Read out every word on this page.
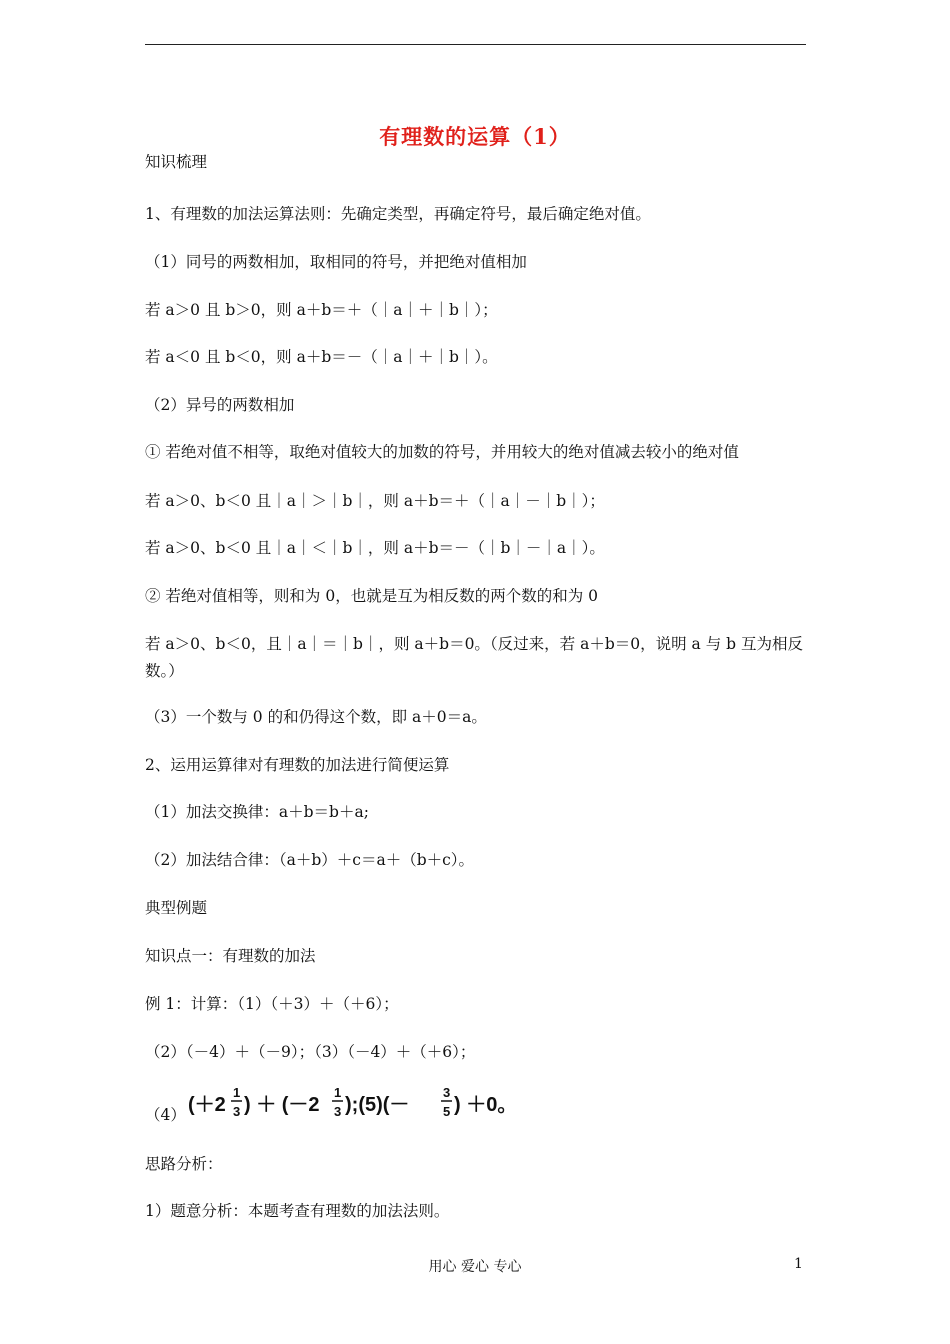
有理数的运算（1）
知识梳理
1、有理数的加法运算法则：先确定类型，再确定符号，最后确定绝对值。
（1）同号的两数相加，取相同的符号，并把绝对值相加
若 a＞0 且 b＞0，则 a＋b＝＋（｜a｜＋｜b｜）；
若 a＜0 且 b＜0，则 a＋b＝－（｜a｜＋｜b｜）。
（2）异号的两数相加
① 若绝对值不相等，取绝对值较大的加数的符号，并用较大的绝对值减去较小的绝对值
若 a＞0、b＜0 且｜a｜＞｜b｜，则 a＋b＝＋（｜a｜－｜b｜）；
若 a＞0、b＜0 且｜a｜＜｜b｜，则 a＋b＝－（｜b｜－｜a｜）。
② 若绝对值相等，则和为 0，也就是互为相反数的两个数的和为 0
若 a＞0、b＜0，且｜a｜＝｜b｜，则 a＋b＝0。（反过来，若 a＋b＝0，说明 a 与 b 互为相反数。）
（3）一个数与 0 的和仍得这个数，即 a＋0＝a。
2、运用运算律对有理数的加法进行简便运算
（1）加法交换律：a＋b＝b＋a;
（2）加法结合律：（a＋b）＋c＝a＋（b＋c）。
典型例题
知识点一：有理数的加法
例 1：计算：（1）（＋3）＋（＋6）；
（2）（－4）＋（－9）；（3）（－4）＋（＋6）；
（4） (＋2
1
3 ) ＋ (－2
1
3 );(5)(－
3
5 ) ＋0。
思路分析：
1）题意分析：本题考查有理数的加法法则。
用心 爱心 专心	1
